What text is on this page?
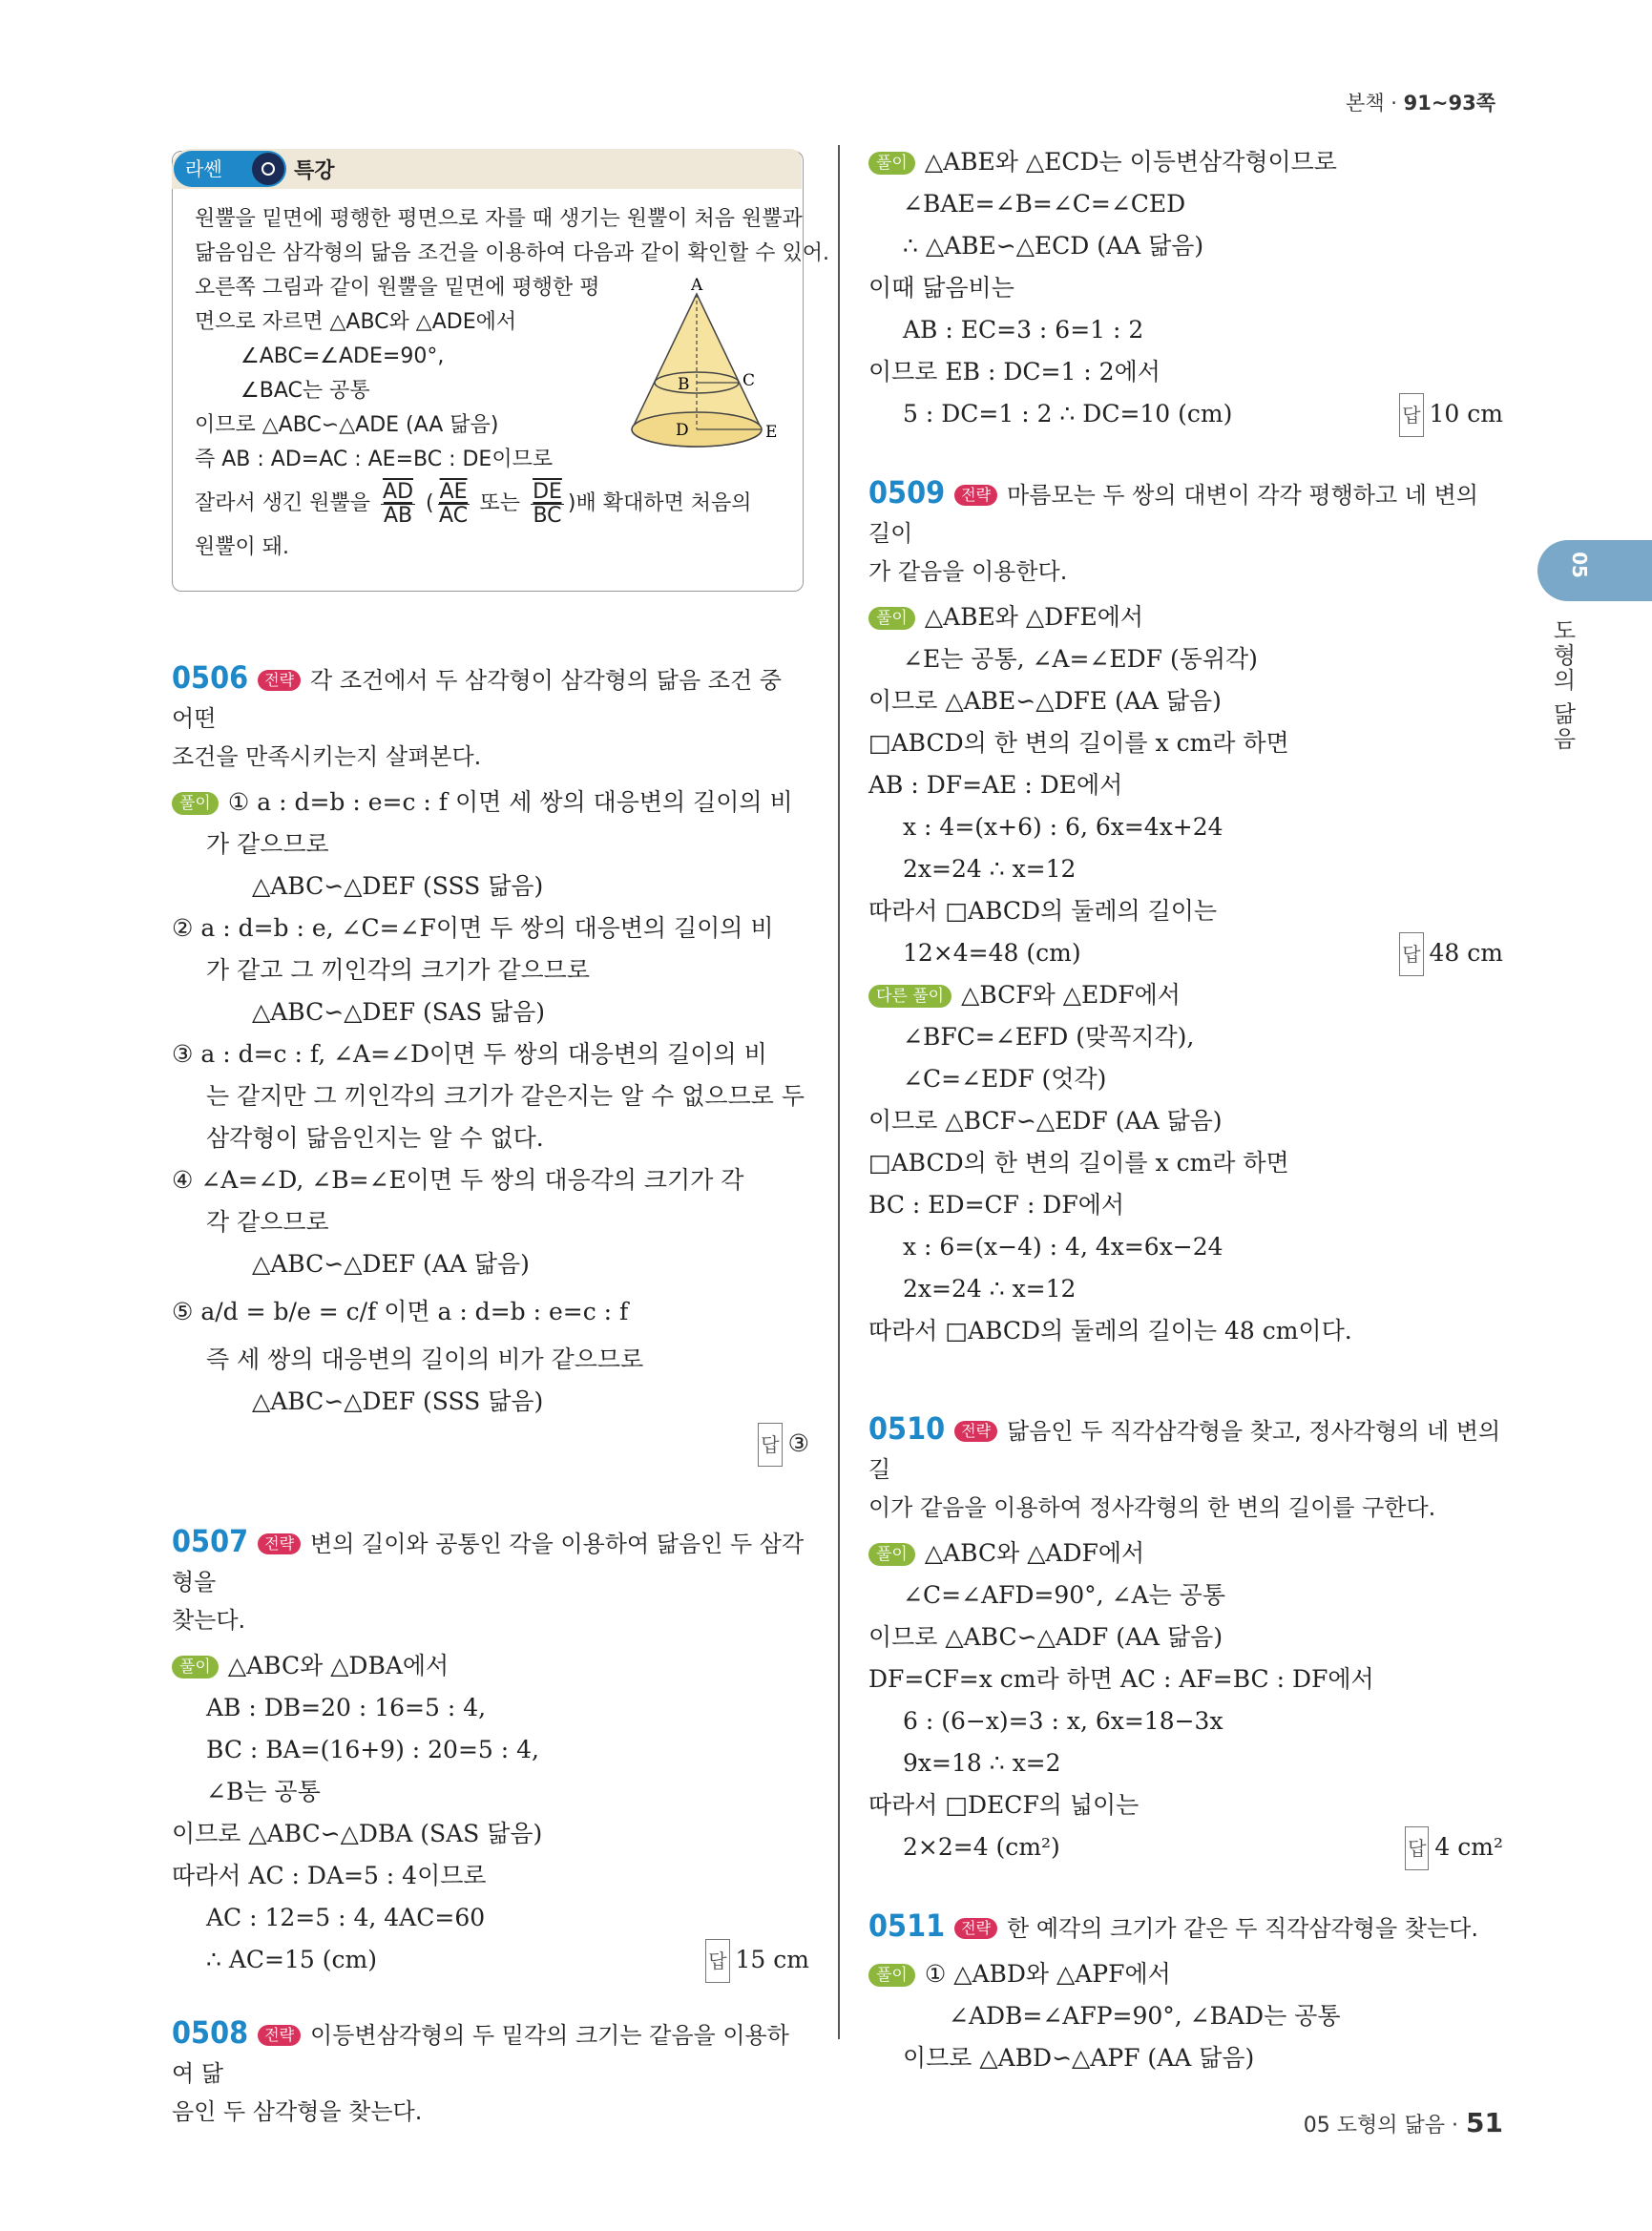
본책 · 91~93쪽
라쎈	특강
원뿔을 밑면에 평행한 평면으로 자를 때 생기는 원뿔이 처음 원뿔과
닮음임은 삼각형의 닮음 조건을 이용하여 다음과 같이 확인할 수 있어.
오른쪽 그림과 같이 원뿔을 밑면에 평행한 평
면으로 자르면 △ABC와 △ADE에서
∠ABC=∠ADE=90°,
∠BAC는 공통
이므로 △ABC∽△ADE (AA 닮음)
즉 AB : AD=AC : AE=BC : DE이므로
잘라서 생긴 원뿔을 $\frac{\overline{AD}}{AB}$ ( $\frac{\overline{AE}}{AC}$ 또는 $\frac{\overline{DE}}{BC}$ )배 확대하면 처음의
원뿔이 돼.
A
B	C
D	E
0506 전략 각 조건에서 두 삼각형이 삼각형의 닮음 조건 중 어떤
조건을 만족시키는지 살펴본다.
풀이 ① a : d=b : e=c : f 이면 세 쌍의 대응변의 길이의 비
가 같으므로
△ABC∽△DEF (SSS 닮음)
② a : d=b : e, ∠C=∠F이면 두 쌍의 대응변의 길이의 비
가 같고 그 끼인각의 크기가 같으므로
△ABC∽△DEF (SAS 닮음)
③ a : d=c : f, ∠A=∠D이면 두 쌍의 대응변의 길이의 비
는 같지만 그 끼인각의 크기가 같은지는 알 수 없으므로 두
삼각형이 닮음인지는 알 수 없다.
④ ∠A=∠D, ∠B=∠E이면 두 쌍의 대응각의 크기가 각
각 같으므로
△ABC∽△DEF (AA 닮음)
⑤ a/d = b/e = c/f 이면 a : d=b : e=c : f
즉 세 쌍의 대응변의 길이의 비가 같으므로
△ABC∽△DEF (SSS 닮음)
답 ③

0507 전략 변의 길이와 공통인 각을 이용하여 닮음인 두 삼각형을
찾는다.
풀이 △ABC와 △DBA에서
AB : DB=20 : 16=5 : 4,
BC : BA=(16+9) : 20=5 : 4,
∠B는 공통
이므로 △ABC∽△DBA (SAS 닮음)
따라서 AC : DA=5 : 4이므로
AC : 12=5 : 4, 4AC=60
∴ AC=15 (cm)	답 15 cm
0508 전략 이등변삼각형의 두 밑각의 크기는 같음을 이용하여 닮
음인 두 삼각형을 찾는다.
풀이 △ABE와 △ECD는 이등변삼각형이므로
∠BAE=∠B=∠C=∠CED
∴ △ABE∽△ECD (AA 닮음)
이때 닮음비는
AB : EC=3 : 6=1 : 2
이므로 EB : DC=1 : 2에서
5 : DC=1 : 2 ∴ DC=10 (cm)	답 10 cm
0509 전략 마름모는 두 쌍의 대변이 각각 평행하고 네 변의 길이
가 같음을 이용한다.
풀이 △ABE와 △DFE에서
∠E는 공통, ∠A=∠EDF (동위각)
이므로 △ABE∽△DFE (AA 닮음)
□ABCD의 한 변의 길이를 x cm라 하면
AB : DF=AE : DE에서
x : 4=(x+6) : 6, 6x=4x+24
2x=24 ∴ x=12
따라서 □ABCD의 둘레의 길이는
12×4=48 (cm)	답 48 cm
다른 풀이 △BCF와 △EDF에서
∠BFC=∠EFD (맞꼭지각),
∠C=∠EDF (엇각)
이므로 △BCF∽△EDF (AA 닮음)
□ABCD의 한 변의 길이를 x cm라 하면
BC : ED=CF : DF에서
x : 6=(x−4) : 4, 4x=6x−24
2x=24 ∴ x=12
따라서 □ABCD의 둘레의 길이는 48 cm이다.
0510 전략 닮음인 두 직각삼각형을 찾고, 정사각형의 네 변의 길
이가 같음을 이용하여 정사각형의 한 변의 길이를 구한다.
풀이 △ABC와 △ADF에서
∠C=∠AFD=90°, ∠A는 공통
이므로 △ABC∽△ADF (AA 닮음)
DF=CF=x cm라 하면 AC : AF=BC : DF에서
6 : (6−x)=3 : x, 6x=18−3x
9x=18 ∴ x=2
따라서 □DECF의 넓이는
2×2=4 (cm²)	답 4 cm²
0511 전략 한 예각의 크기가 같은 두 직각삼각형을 찾는다.
풀이 ① △ABD와 △APF에서
∠ADB=∠AFP=90°, ∠BAD는 공통
이므로 △ABD∽△APF (AA 닮음)
05
도형의 닮음
05 도형의 닮음 · 51
